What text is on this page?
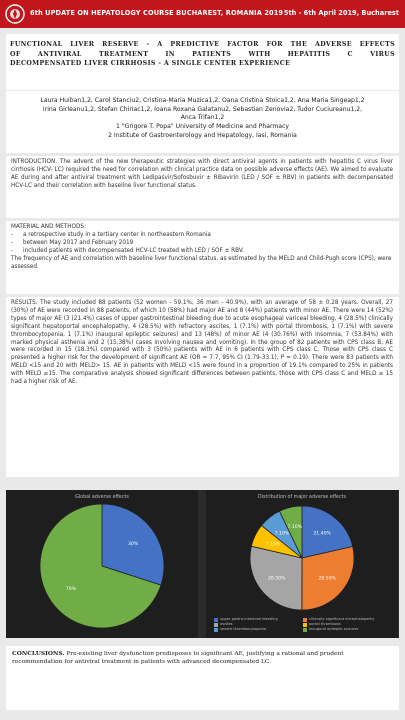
6th UPDATE ON HEPATOLOGY COURSE BUCHAREST, ROMANIA 2019 5th - 6th April 2019, Bucharest
FUNCTIONAL LIVER RESERVE - A PREDICTIVE FACTOR FOR THE ADVERSE EFFECTS
OF ANTIVIRAL TREATMENT IN PATIENTS WITH HEPATITIS C VIRUS
DECOMPENSATED LIVER CIRRHOSIS - A SINGLE CENTER EXPERIENCE
Laura Huiban1,2, Carol Stanciu2, Cristina-Maria Muzica1,2, Oana Cristina Stoica1,2, Ana Maria Singeap1,2
Irina Girleanu1,2, Stefan Chiriac1,2, Ioana Roxana Galatanu2, Sebastian Zenovia2, Tudor Cuciureanu1,2,
Anca Trifan1,2
1 "Grigore T. Popa" University of Medicine and Pharmacy
2 Institute of Gastroenterology and Hepatology, Iasi, Romania
INTRODUCTION. The advent of the new therapeutic strategies with direct antiviral agents in patients with hepatitis C virus liver cirrhosis (HCV- LC) required the need for correlation with clinical practice data on possible adverse effects (AE). We aimed to evaluate AE during and after antiviral treatment with Ledipasvir/Sofosbuvir ± Ribavirin (LED / SOF ± RBV) in patients with decompensated HCV-LC and their correlation with baseline liver functional status.

MATERIAL AND METHODS:

-	a retrospective study in a tertiary center in northeastern Romania
-	between May 2017 and February 2019
-	included patients with decompensated HCV-LC treated with LED / SOF ± RBV.

The frequency of AE and correlation with baseline liver functional status, as estimated by the MELD and Child-Pugh score (CPS), were assessed.

RESULTS. The study included 88 patients (52 women - 59.1%, 36 men - 40.9%), with an average of 58 ± 0.28 years. Overall, 27 (30%) of AE were recorded in 88 patients, of which 10 (58%) had major AE and 8 (44%) patients with minor AE. There were 14 (52%) types of major AE (3 (21.4%) cases of upper gastrointestinal bleeding due to acute esophageal variceal bleeding, 4 (28.5%) clinically significant hepatoportal encephalopathy, 4 (28.5%) with refractory ascites, 1 (7.1%) with portal thrombosis, 1 (7.1%) with severe thrombocytopenia, 1 (7.1%) inaugural epileptic seizures) and 13 (48%) of minor AE (4 (30.76%) with insomnia, 7 (53.84%) with marked physical asthenia and 2 (15.38%) cases involving nausea and vomiting). In the group of 82 patients with CPS class B, AE were recorded in 15 (18.3%) compared with 3 (50%) patients with AE in 6 patients with CPS class C. Those with CPS class C presented a higher risk for the development of significant AE (OR = 7.7, 95% CI (1.79-33.1), P = 0.19). There were 83 patients with MELD <15 and 20 with MELD> 15. AE in patients with MELD <15 were found in a proportion of 19.1% compared to 25% in patients with MELD ≥15. The comparative analysis showed significant differences between patients, those with CPS class C and MELD ≥ 15 had a higher risk of AE.

Global adverse effects
30%
70%
Distribution of major adverse effects
21.40%
28.50%
28.50%
7.10%
7.10%
7.10%
upper gastro-intestinal bleeding	clinically significant encephalopathy
ascites	portal thrombosis
severe thrombocytopenia	inaugural epileptic seizures
CONCLUSIONS. Pre-existing liver dysfunction predisposes to significant AE, justifying a rational and prudent recommendation for antiviral treatment in patients with advanced decompensated LC.
